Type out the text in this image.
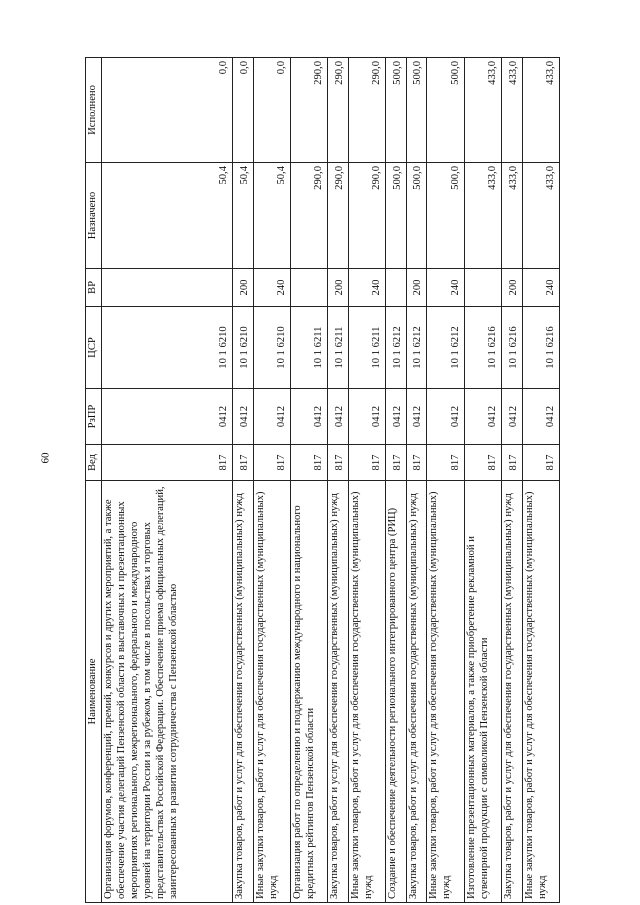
60
Наименование	Вед	РзПР	ЦСР	ВР	Назначено	Исполнено
Организация форумов, конференций, премий, конкурсов и других мероприятий, а также обеспечение участия делегаций Пензенской области в выставочных и презентационных мероприятиях регионального, межрегионального, федерального и международного уровней на территории России и за рубежом, в том числе в посольствах и торговых представительствах Российской Федерации. Обеспечение приема официальных делегаций, заинтересованных в развитии сотрудничества с Пензенской областью	817	0412	10 1 6210		50,4	0,0
Закупка товаров, работ и услуг для обеспечения государственных (муниципальных) нужд	817	0412	10 1 6210	200	50,4	0,0
Иные закупки товаров, работ и услуг для обеспечения государственных (муниципальных) нужд	817	0412	10 1 6210	240	50,4	0,0
Организация работ по определению и поддержанию международного и национального кредитных рейтингов Пензенской области	817	0412	10 1 6211		290,0	290,0
Закупка товаров, работ и услуг для обеспечения государственных (муниципальных) нужд	817	0412	10 1 6211	200	290,0	290,0
Иные закупки товаров, работ и услуг для обеспечения государственных (муниципальных) нужд	817	0412	10 1 6211	240	290,0	290,0
Создание и обеспечение деятельности регионального интегрированного центра (РИЦ)	817	0412	10 1 6212		500,0	500,0
Закупка товаров, работ и услуг для обеспечения государственных (муниципальных) нужд	817	0412	10 1 6212	200	500,0	500,0
Иные закупки товаров, работ и услуг для обеспечения государственных (муниципальных) нужд	817	0412	10 1 6212	240	500,0	500,0
Изготовление презентационных материалов, а также приобретение рекламной и сувенирной продукции с символикой Пензенской области	817	0412	10 1 6216		433,0	433,0
Закупка товаров, работ и услуг для обеспечения государственных (муниципальных) нужд	817	0412	10 1 6216	200	433,0	433,0
Иные закупки товаров, работ и услуг для обеспечения государственных (муниципальных) нужд	817	0412	10 1 6216	240	433,0	433,0
